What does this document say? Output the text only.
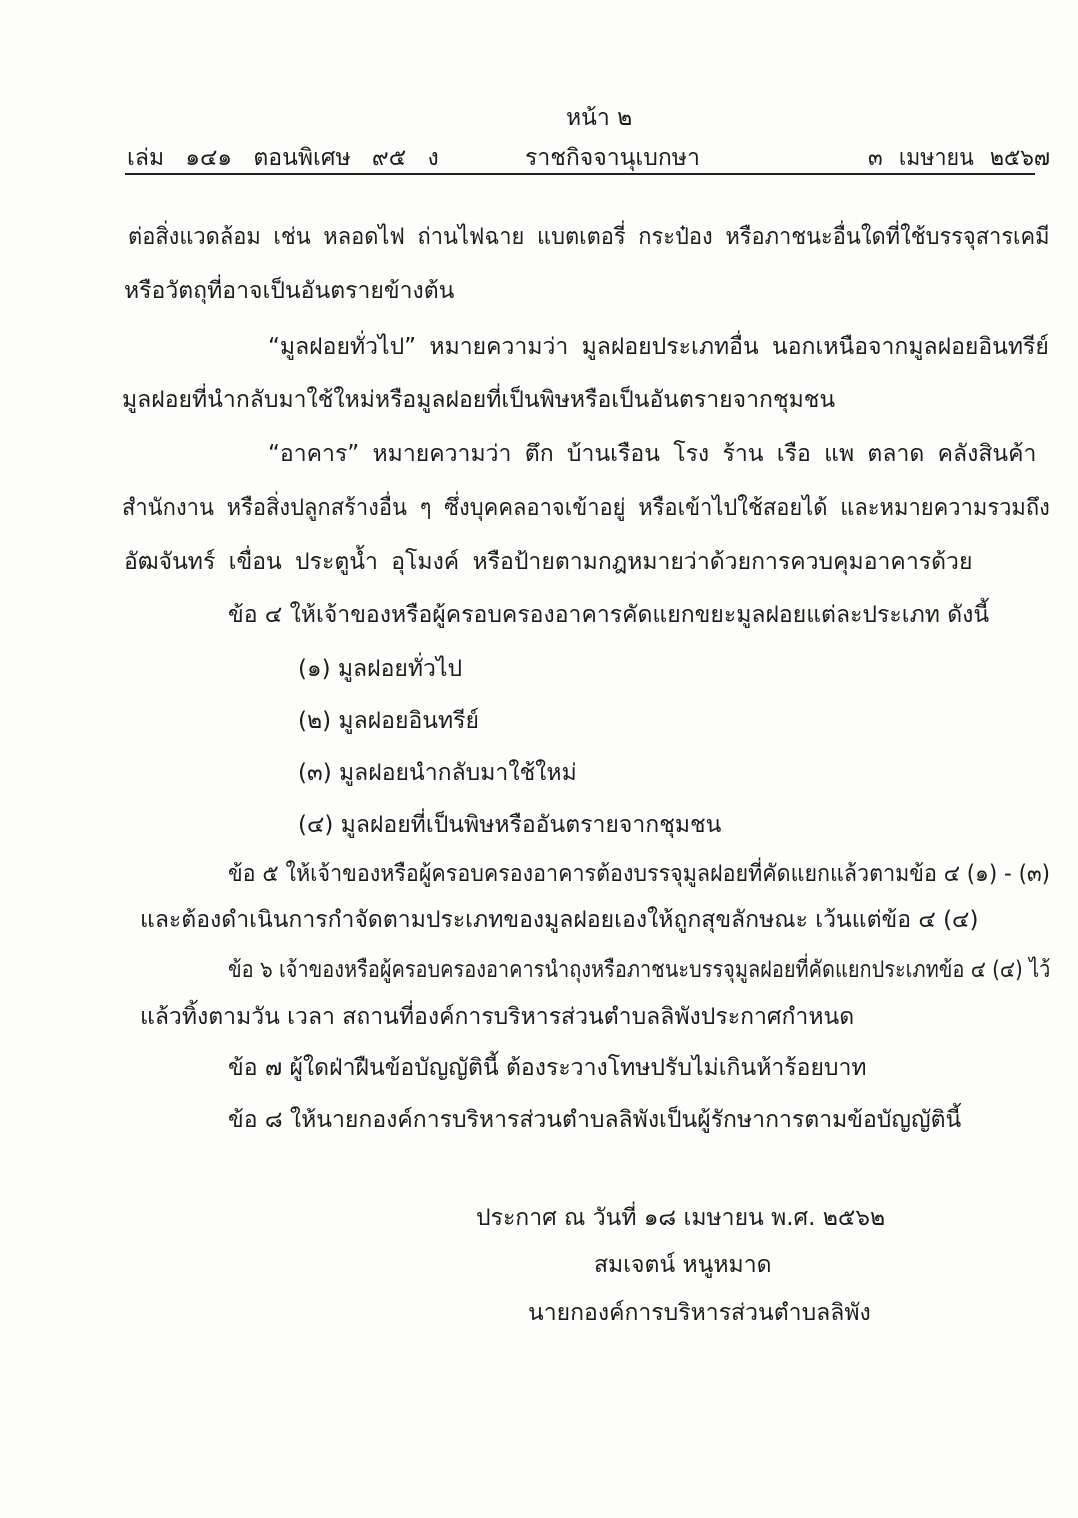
หน้า ๒
เล่ม ๑๔๑ ตอนพิเศษ ๙๕ ง	ราชกิจจานุเบกษา	๓ เมษายน ๒๕๖๗
ต่อสิ่งแวดล้อม เช่น หลอดไฟ ถ่านไฟฉาย แบตเตอรี่ กระป๋อง หรือภาชนะอื่นใดที่ใช้บรรจุสารเคมี
หรือวัตถุที่อาจเป็นอันตรายข้างต้น
“มูลฝอยทั่วไป” หมายความว่า มูลฝอยประเภทอื่น นอกเหนือจากมูลฝอยอินทรีย์
มูลฝอยที่นำกลับมาใช้ใหม่หรือมูลฝอยที่เป็นพิษหรือเป็นอันตรายจากชุมชน
“อาคาร” หมายความว่า ตึก บ้านเรือน โรง ร้าน เรือ แพ ตลาด คลังสินค้า
สำนักงาน หรือสิ่งปลูกสร้างอื่น ๆ ซึ่งบุคคลอาจเข้าอยู่ หรือเข้าไปใช้สอยได้ และหมายความรวมถึง
อัฒจันทร์ เขื่อน ประตูน้ำ อุโมงค์ หรือป้ายตามกฎหมายว่าด้วยการควบคุมอาคารด้วย
ข้อ ๔ ให้เจ้าของหรือผู้ครอบครองอาคารคัดแยกขยะมูลฝอยแต่ละประเภท ดังนี้
(๑) มูลฝอยทั่วไป
(๒) มูลฝอยอินทรีย์
(๓) มูลฝอยนำกลับมาใช้ใหม่
(๔) มูลฝอยที่เป็นพิษหรืออันตรายจากชุมชน
ข้อ ๕ ให้เจ้าของหรือผู้ครอบครองอาคารต้องบรรจุมูลฝอยที่คัดแยกแล้วตามข้อ ๔ (๑) - (๓)
และต้องดำเนินการกำจัดตามประเภทของมูลฝอยเองให้ถูกสุขลักษณะ เว้นแต่ข้อ ๔ (๔)
ข้อ ๖ เจ้าของหรือผู้ครอบครองอาคารนำถุงหรือภาชนะบรรจุมูลฝอยที่คัดแยกประเภทข้อ ๔ (๔) ไว้
แล้วทิ้งตามวัน เวลา สถานที่องค์การบริหารส่วนตำบลลิพังประกาศกำหนด
ข้อ ๗ ผู้ใดฝ่าฝืนข้อบัญญัตินี้ ต้องระวางโทษปรับไม่เกินห้าร้อยบาท
ข้อ ๘ ให้นายกองค์การบริหารส่วนตำบลลิพังเป็นผู้รักษาการตามข้อบัญญัตินี้
ประกาศ ณ วันที่ ๑๘ เมษายน พ.ศ. ๒๕๖๒
สมเจตน์ หนูหมาด
นายกองค์การบริหารส่วนตำบลลิพัง
